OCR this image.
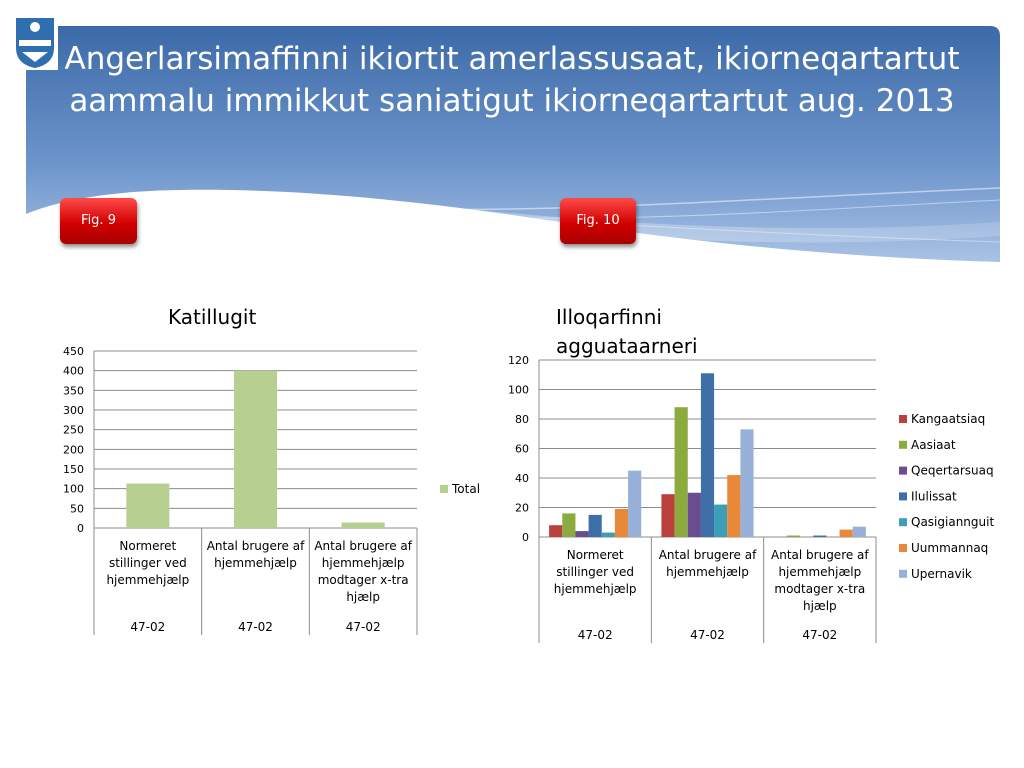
Angerlarsimaffinni ikiortit amerlassusaat, ikiorneqartartut aammalu immikkut saniatigut ikiorneqartartut aug. 2013
Fig. 9	Fig. 10
Katillugit	Illoqarfinni agguataarneri
0
50
100
150
200
250
300
350
400
450
Normeret
stillinger ved
hjemmehjælp
47-02
Antal brugere af
hjemmehjælp
47-02
Antal brugere af
hjemmehjælp
modtager x-tra
hjælp
47-02
Total
0
20
40
60
80
100
120
Normeret
stillinger ved
hjemmehjælp
47-02
Antal brugere af
hjemmehjælp
47-02
Antal brugere af
hjemmehjælp
modtager x-tra
hjælp
47-02
Kangaatsiaq
Aasiaat
Qeqertarsuaq
Ilulissat
Qasigiannguit
Uummannaq
Upernavik
